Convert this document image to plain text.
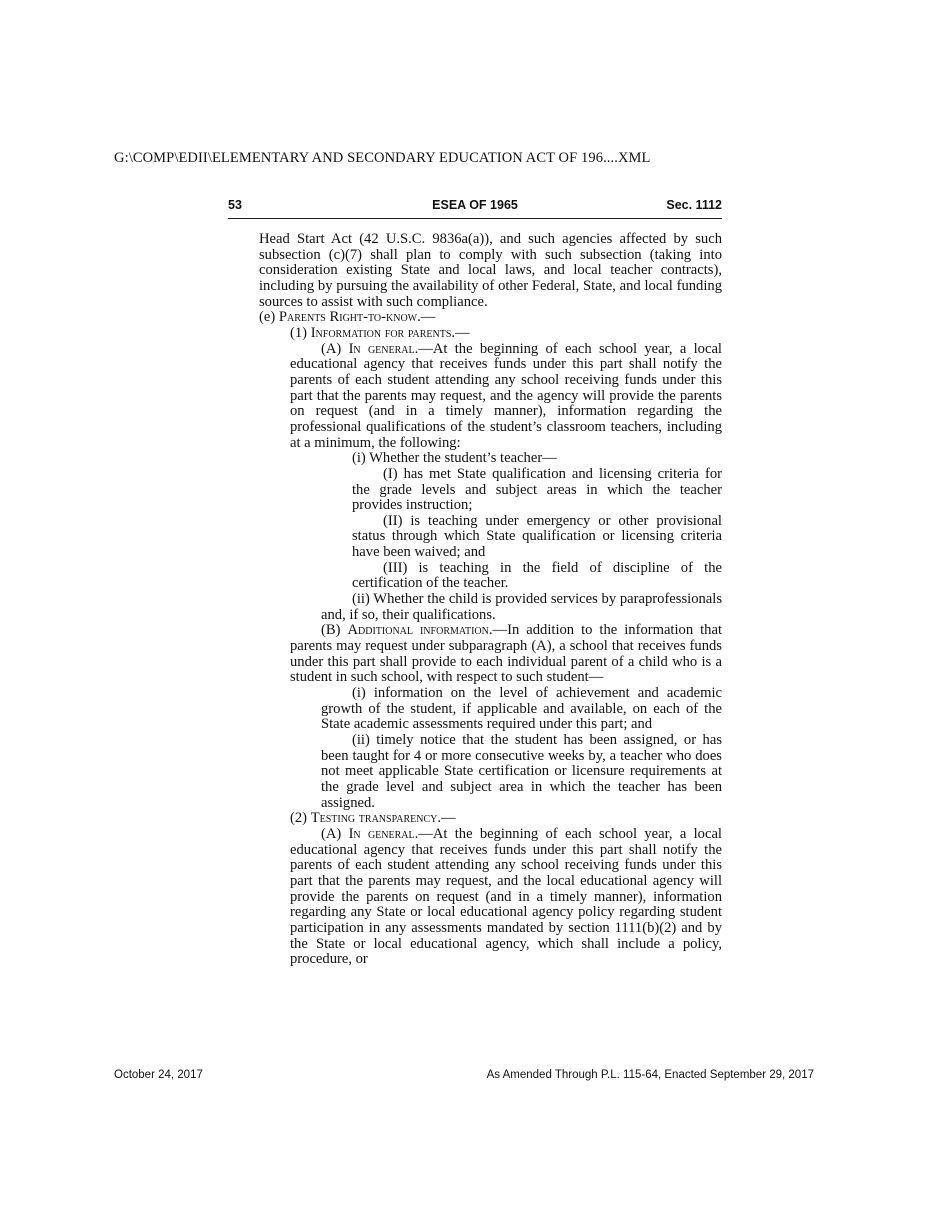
G:\COMP\EDII\ELEMENTARY AND SECONDARY EDUCATION ACT OF 196....XML
53	ESEA OF 1965	Sec. 1112

Head Start Act (42 U.S.C. 9836a(a)), and such agencies affected by such subsection (c)(7) shall plan to comply with such subsection (taking into consideration existing State and local laws, and local teacher contracts), including by pursuing the availability of other Federal, State, and local funding sources to assist with such compliance.

(e) Parents Right-to-know.—

(1) Information for parents.—

(A) In general.—At the beginning of each school year, a local educational agency that receives funds under this part shall notify the parents of each student attending any school receiving funds under this part that the parents may request, and the agency will provide the parents on request (and in a timely manner), information regarding the professional qualifications of the student’s classroom teachers, including at a minimum, the following:

(i) Whether the student’s teacher—

(I) has met State qualification and licensing criteria for the grade levels and subject areas in which the teacher provides instruction;

(II) is teaching under emergency or other provisional status through which State qualification or licensing criteria have been waived; and

(III) is teaching in the field of discipline of the certification of the teacher.

(ii) Whether the child is provided services by paraprofessionals and, if so, their qualifications.

(B) Additional information.—In addition to the information that parents may request under subparagraph (A), a school that receives funds under this part shall provide to each individual parent of a child who is a student in such school, with respect to such student—

(i) information on the level of achievement and academic growth of the student, if applicable and available, on each of the State academic assessments required under this part; and

(ii) timely notice that the student has been assigned, or has been taught for 4 or more consecutive weeks by, a teacher who does not meet applicable State certification or licensure requirements at the grade level and subject area in which the teacher has been assigned.

(2) Testing transparency.—

(A) In general.—At the beginning of each school year, a local educational agency that receives funds under this part shall notify the parents of each student attending any school receiving funds under this part that the parents may request, and the local educational agency will provide the parents on request (and in a timely manner), information regarding any State or local educational agency policy regarding student participation in any assessments mandated by section 1111(b)(2) and by the State or local educational agency, which shall include a policy, procedure, or

October 24, 2017	As Amended Through P.L. 115-64, Enacted September 29, 2017
